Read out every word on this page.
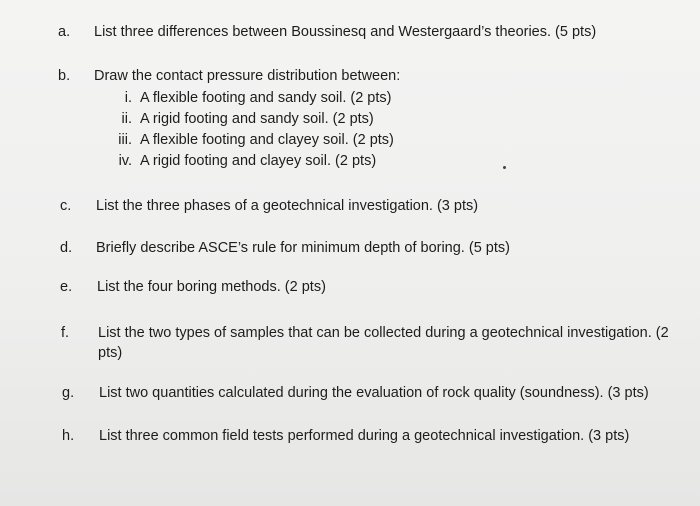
a. List three differences between Boussinesq and Westergaard’s theories. (5 pts)
b. Draw the contact pressure distribution between:
i. A flexible footing and sandy soil. (2 pts)
ii. A rigid footing and sandy soil. (2 pts)
iii. A flexible footing and clayey soil. (2 pts)
iv. A rigid footing and clayey soil. (2 pts)
c. List the three phases of a geotechnical investigation. (3 pts)
d. Briefly describe ASCE’s rule for minimum depth of boring. (5 pts)
e. List the four boring methods. (2 pts)
f. List the two types of samples that can be collected during a geotechnical investigation. (2 pts)
g. List two quantities calculated during the evaluation of rock quality (soundness). (3 pts)
h. List three common field tests performed during a geotechnical investigation. (3 pts)
